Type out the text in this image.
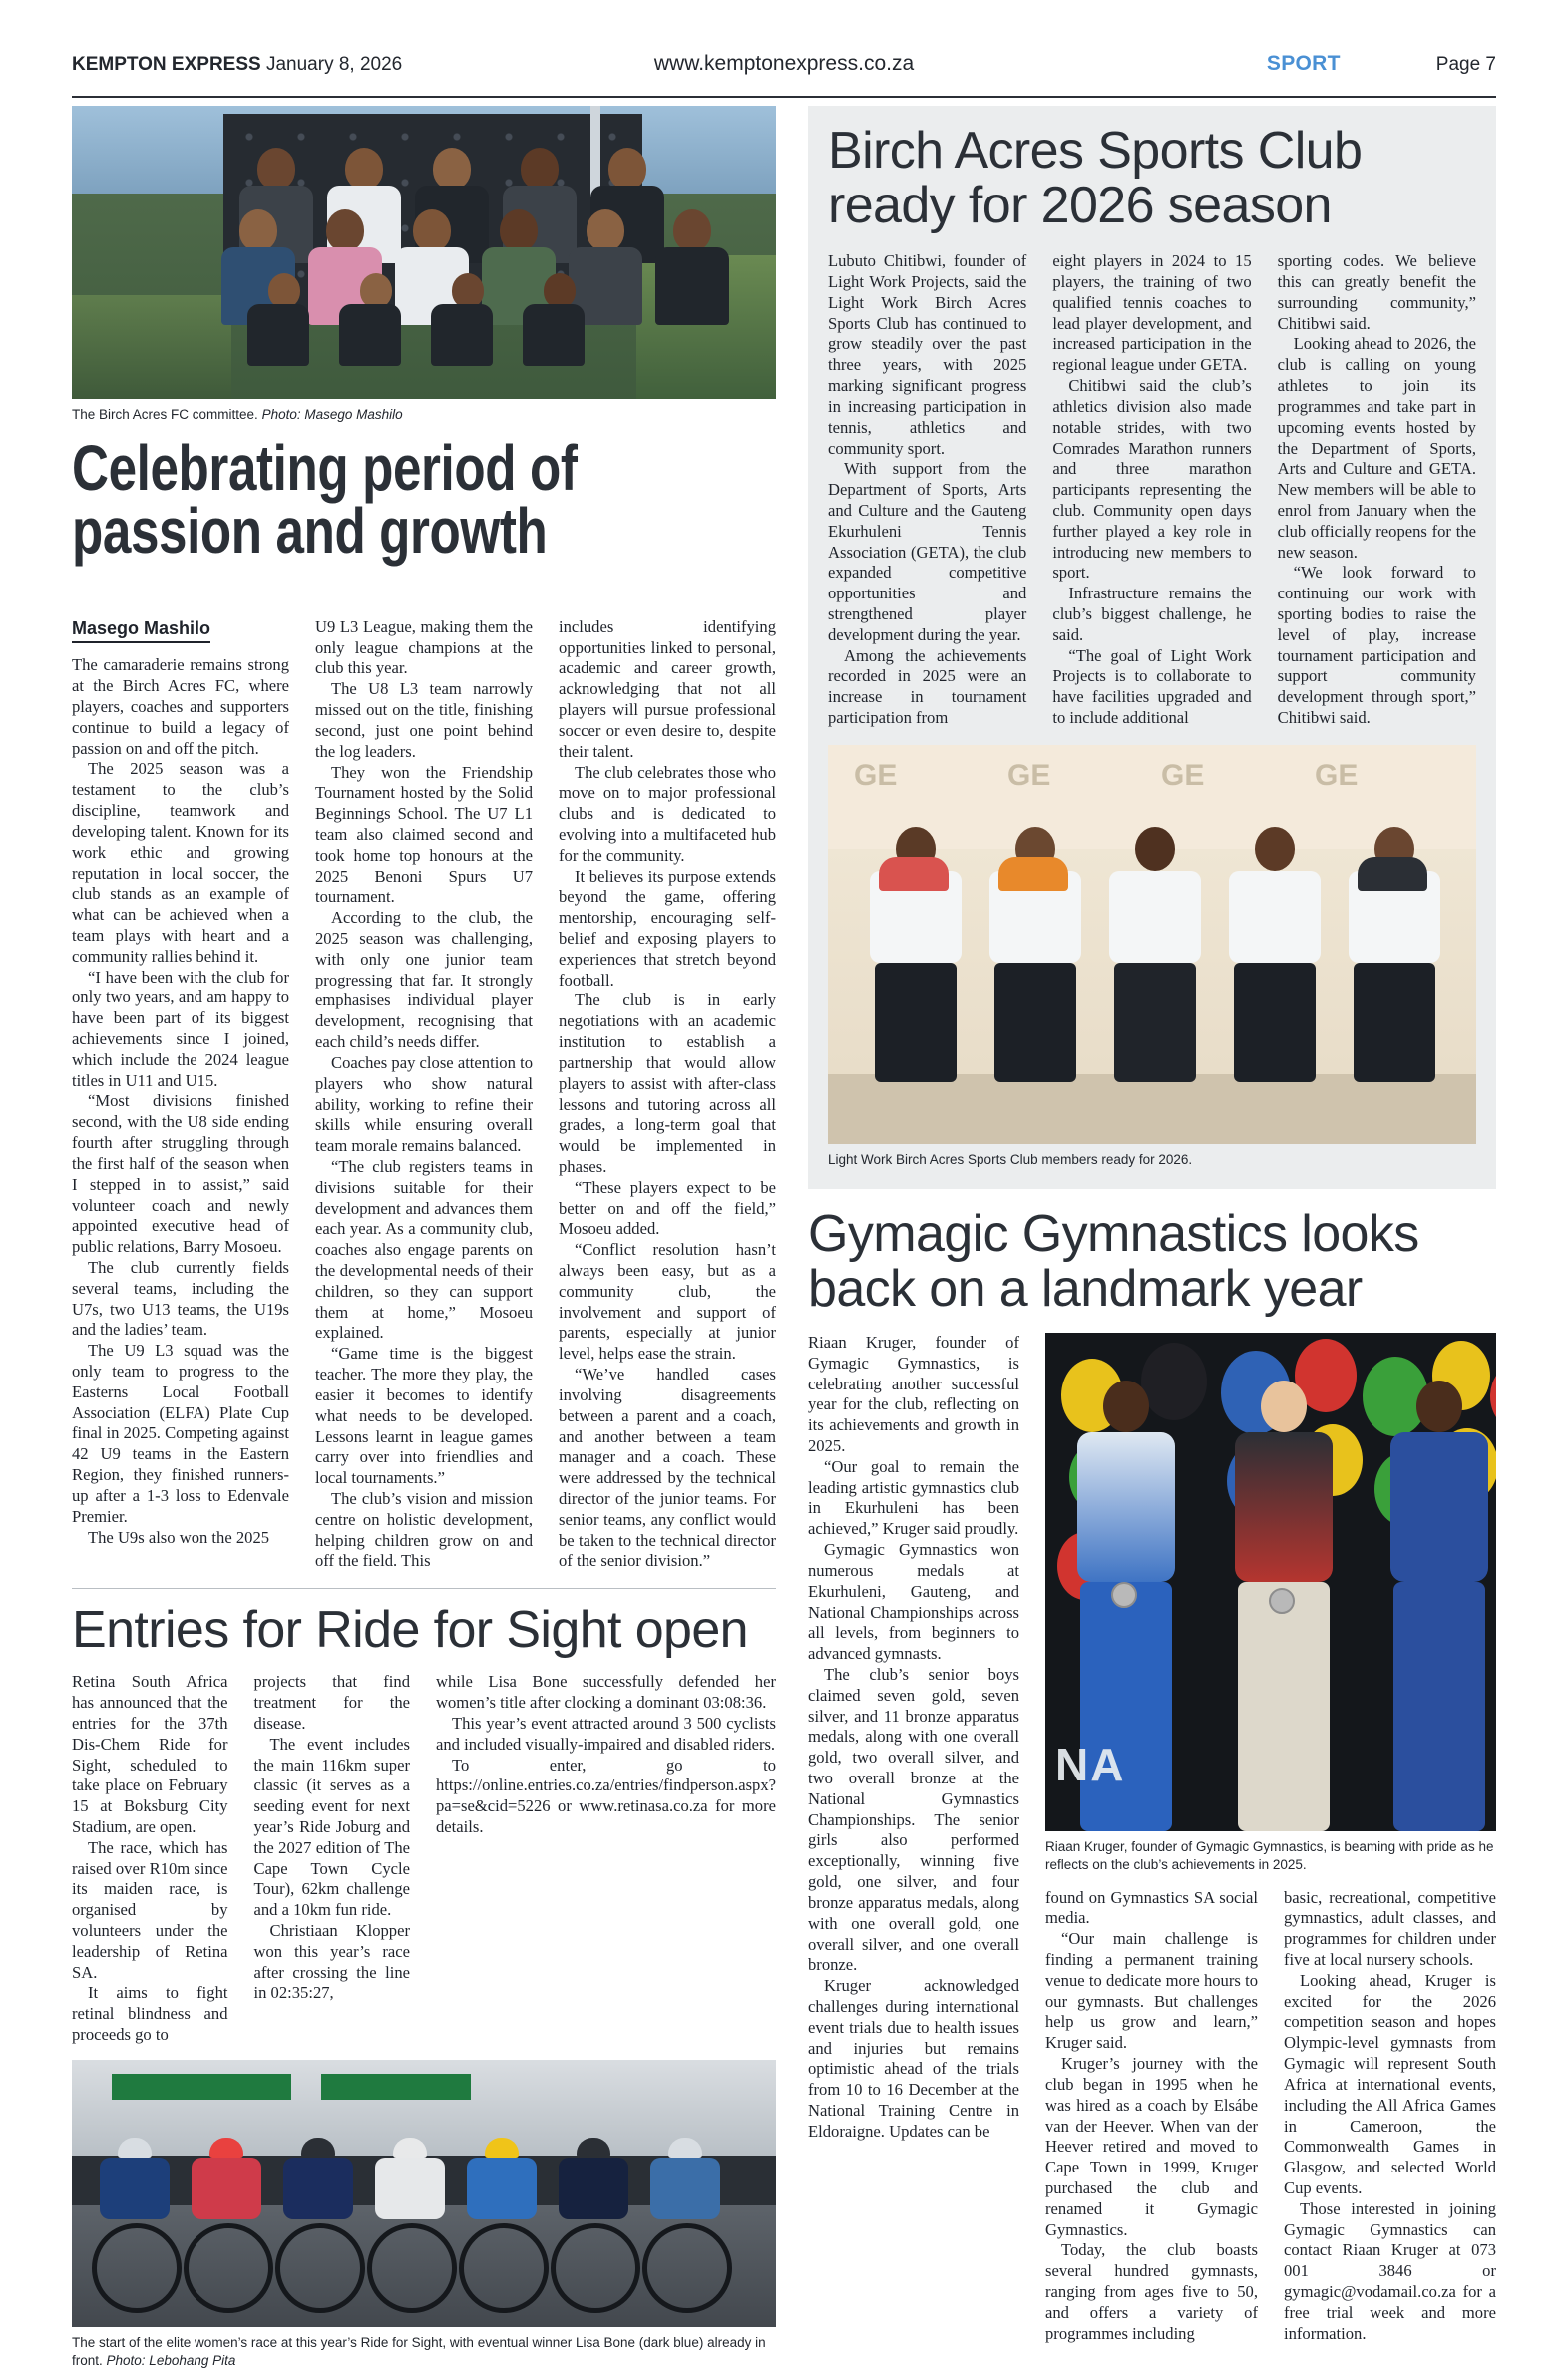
KEMPTON EXPRESS January 8, 2026	www.kemptonexpress.co.za	SPORT	Page 7
The Birch Acres FC committee. Photo: Masego Mashilo
Celebrating period of
passion and growth
Masego Mashilo

The camaraderie remains strong at the Birch Acres FC, where players, coaches and supporters continue to build a legacy of passion on and off the pitch.

The 2025 season was a testament to the club’s discipline, teamwork and developing talent. Known for its work ethic and growing reputation in local soccer, the club stands as an example of what can be achieved when a team plays with heart and a community rallies behind it.

“I have been with the club for only two years, and am happy to have been part of its biggest achievements since I joined, which include the 2024 league titles in U11 and U15.

“Most divisions finished second, with the U8 side ending fourth after struggling through the first half of the season when I stepped in to assist,” said volunteer coach and newly appointed executive head of public relations, Barry Mosoeu.

The club currently fields several teams, including the U7s, two U13 teams, the U19s and the ladies’ team.

The U9 L3 squad was the only team to progress to the Easterns Local Football Association (ELFA) Plate Cup final in 2025. Competing against 42 U9 teams in the Eastern Region, they finished runners-up after a 1-3 loss to Edenvale Premier.

The U9s also won the 2025

U9 L3 League, making them the only league champions at the club this year.

The U8 L3 team narrowly missed out on the title, finishing second, just one point behind the log leaders.

They won the Friendship Tournament hosted by the Solid Beginnings School. The U7 L1 team also claimed second and took home top honours at the 2025 Benoni Spurs U7 tournament.

According to the club, the 2025 season was challenging, with only one junior team progressing that far. It strongly emphasises individual player development, recognising that each child’s needs differ.

Coaches pay close attention to players who show natural ability, working to refine their skills while ensuring overall team morale remains balanced.

“The club registers teams in divisions suitable for their development and advances them each year. As a community club, coaches also engage parents on the developmental needs of their children, so they can support them at home,” Mosoeu explained.

“Game time is the biggest teacher. The more they play, the easier it becomes to identify what needs to be developed. Lessons learnt in league games carry over into friendlies and local tournaments.”

The club’s vision and mission centre on holistic development, helping children grow on and off the field. This

includes identifying opportunities linked to personal, academic and career growth, acknowledging that not all players will pursue professional soccer or even desire to, despite their talent.

The club celebrates those who move on to major professional clubs and is dedicated to evolving into a multifaceted hub for the community.

It believes its purpose extends beyond the game, offering mentorship, encouraging self-belief and exposing players to experiences that stretch beyond football.

The club is in early negotiations with an academic institution to establish a partnership that would allow players to assist with after-class lessons and tutoring across all grades, a long-term goal that would be implemented in phases.

“These players expect to be better on and off the field,” Mosoeu added.

“Conflict resolution hasn’t always been easy, but as a community club, the involvement and support of parents, especially at junior level, helps ease the strain.

“We’ve handled cases involving disagreements between a parent and a coach, and another between a team manager and a coach. These were addressed by the technical director of the junior teams. For senior teams, any conflict would be taken to the technical director of the senior division.”

Entries for Ride for Sight open

Retina South Africa has announced that the entries for the 37th Dis-Chem Ride for Sight, scheduled to take place on February 15 at Boksburg City Stadium, are open.

The race, which has raised over R10m since its maiden race, is organised by volunteers under the leadership of Retina SA.

It aims to fight retinal blindness and proceeds go to

projects that find treatment for the disease.

The event includes the main 116km super classic (it serves as a seeding event for next year’s Ride Joburg and the 2027 edition of The Cape Town Cycle Tour), 62km challenge and a 10km fun ride.

Christiaan Klopper won this year’s race after crossing the line in 02:35:27,

while Lisa Bone successfully defended her women’s title after clocking a dominant 03:08:36.

This year’s event attracted around 3 500 cyclists and included visually-impaired and disabled riders.

To enter, go to https://online.entries.co.za/entries/findperson.aspx?pa=se&cid=5226 or www.retinasa.co.za for more details.

The start of the elite women’s race at this year’s Ride for Sight, with eventual winner Lisa Bone (dark blue) already in front. Photo: Lebohang Pita
Birch Acres Sports Club
ready for 2026 season

Lubuto Chitibwi, founder of Light Work Projects, said the Light Work Birch Acres Sports Club has continued to grow steadily over the past three years, with 2025 marking significant progress in increasing participation in tennis, athletics and community sport.

With support from the Department of Sports, Arts and Culture and the Gauteng Ekurhuleni Tennis Association (GETA), the club expanded competitive opportunities and strengthened player development during the year.

Among the achievements recorded in 2025 were an increase in tournament participation from

eight players in 2024 to 15 players, the training of two qualified tennis coaches to lead player development, and increased participation in the regional league under GETA.

Chitibwi said the club’s athletics division also made notable strides, with two Comrades Marathon runners and three marathon participants representing the club. Community open days further played a key role in introducing new members to sport.

Infrastructure remains the club’s biggest challenge, he said.

“The goal of Light Work Projects is to collaborate to have facilities upgraded and to include additional

sporting codes. We believe this can greatly benefit the surrounding community,” Chitibwi said.

Looking ahead to 2026, the club is calling on young athletes to join its programmes and take part in upcoming events hosted by the Department of Sports, Arts and Culture and GETA. New members will be able to enrol from January when the club officially reopens for the new season.

“We look forward to continuing our work with sporting bodies to raise the level of play, increase tournament participation and support community development through sport,” Chitibwi said.

GE	GE	GE	GE
Light Work Birch Acres Sports Club members ready for 2026.
Gymagic Gymnastics looks
back on a landmark year

Riaan Kruger, founder of Gymagic Gymnastics, is celebrating another successful year for the club, reflecting on its achievements and growth in 2025.

“Our goal to remain the leading artistic gymnastics club in Ekurhuleni has been achieved,” Kruger said proudly.

Gymagic Gymnastics won numerous medals at Ekurhuleni, Gauteng, and National Championships across all levels, from beginners to advanced gymnasts.

The club’s senior boys claimed seven gold, seven silver, and 11 bronze apparatus medals, along with one overall gold, two overall silver, and two overall bronze at the National Gymnastics Championships. The senior girls also performed exceptionally, winning five gold, one silver, and four bronze apparatus medals, along with one overall gold, one overall silver, and one overall bronze.

Kruger acknowledged challenges during international event trials due to health issues and injuries but remains optimistic ahead of the trials from 10 to 16 December at the National Training Centre in Eldoraigne. Updates can be

NA
Riaan Kruger, founder of Gymagic Gymnastics, is beaming with pride as he reflects on the club’s achievements in 2025.

found on Gymnastics SA social media.

“Our main challenge is finding a permanent training venue to dedicate more hours to our gymnasts. But challenges help us grow and learn,” Kruger said.

Kruger’s journey with the club began in 1995 when he was hired as a coach by Elsábe van der Heever. When van der Heever retired and moved to Cape Town in 1999, Kruger purchased the club and renamed it Gymagic Gymnastics.

Today, the club boasts several hundred gymnasts, ranging from ages five to 50, and offers a variety of programmes including

basic, recreational, competitive gymnastics, adult classes, and programmes for children under five at local nursery schools.

Looking ahead, Kruger is excited for the 2026 competition season and hopes Olympic-level gymnasts from Gymagic will represent South Africa at international events, including the All Africa Games in Cameroon, the Commonwealth Games in Glasgow, and selected World Cup events.

Those interested in joining Gymagic Gymnastics can contact Riaan Kruger at 073 001 3846 or gymagic@vodamail.co.za for a free trial week and more information.
